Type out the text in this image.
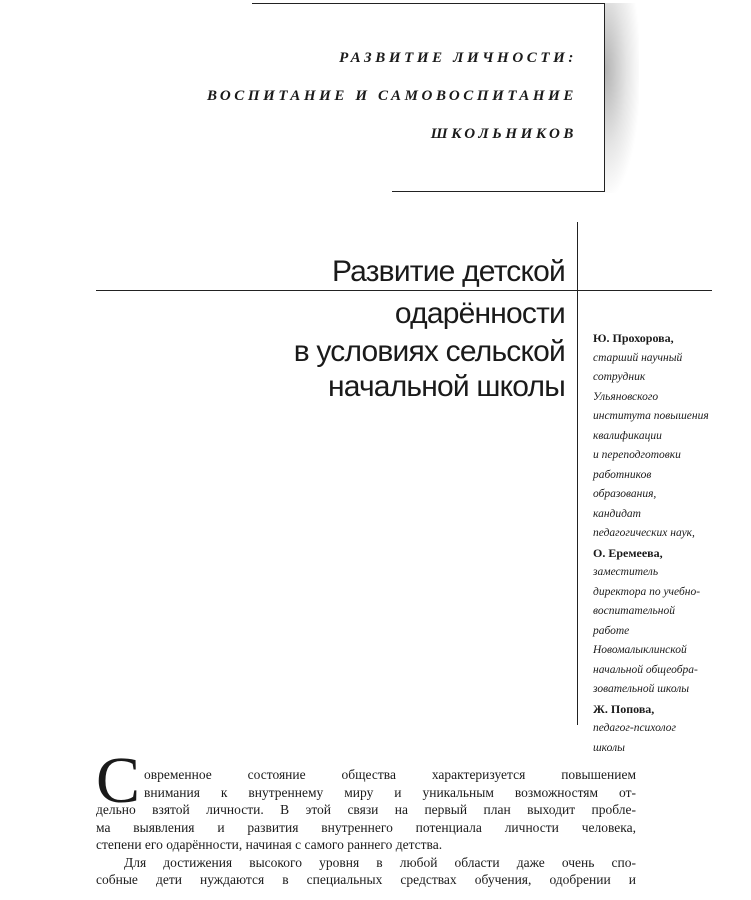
РАЗВИТИЕ ЛИЧНОСТИ:
ВОСПИТАНИЕ И САМОВОСПИТАНИЕ
ШКОЛЬНИКОВ
Развитие детской
одарённости
в условиях сельской
начальной школы
Ю. Прохорова,
старший научный
сотрудник
Ульяновского
института повышения
квалификации
и переподготовки
работников
образования,
кандидат
педагогических наук,
О. Еремеева,
заместитель
директора по учебно-
воспитательной
работе
Новомалыклинской
начальной общеобра-
зовательной школы
Ж. Попова,
педагог-психолог
школы
С овременное состояние общества характеризуется повышением
внимания к внутреннему миру и уникальным возможностям от-

дельно взятой личности. В этой связи на первый план выходит пробле-
ма выявления и развития внутреннего потенциала личности человека,
степени его одарённости, начиная с самого раннего детства.

Для достижения высокого уровня в любой области даже очень спо-
собные дети нуждаются в специальных средствах обучения, одобрении и
